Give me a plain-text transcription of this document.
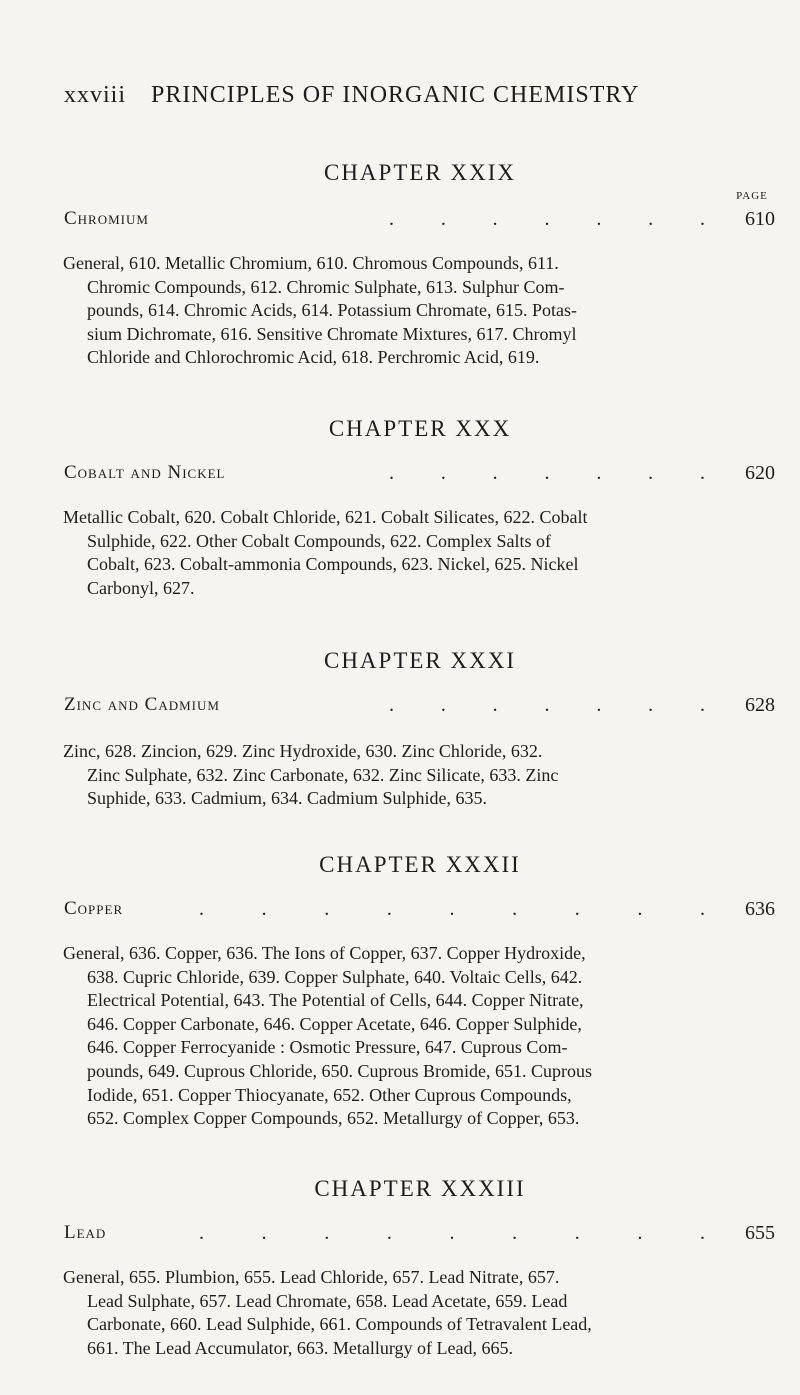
xxviii PRINCIPLES OF INORGANIC CHEMISTRY
PAGE
CHAPTER XXIX
Chromium	. . . . . . . 610
General, 610. Metallic Chromium, 610. Chromous Compounds, 611.
Chromic Compounds, 612. Chromic Sulphate, 613. Sulphur Com-
pounds, 614. Chromic Acids, 614. Potassium Chromate, 615. Potas-
sium Dichromate, 616. Sensitive Chromate Mixtures, 617. Chromyl
Chloride and Chlorochromic Acid, 618. Perchromic Acid, 619.
CHAPTER XXX
Cobalt and Nickel	. . . . . . . 620
Metallic Cobalt, 620. Cobalt Chloride, 621. Cobalt Silicates, 622. Cobalt
Sulphide, 622. Other Cobalt Compounds, 622. Complex Salts of
Cobalt, 623. Cobalt-ammonia Compounds, 623. Nickel, 625. Nickel
Carbonyl, 627.
CHAPTER XXXI
Zinc and Cadmium	. . . . . . . 628
Zinc, 628. Zincion, 629. Zinc Hydroxide, 630. Zinc Chloride, 632.
Zinc Sulphate, 632. Zinc Carbonate, 632. Zinc Silicate, 633. Zinc
Suphide, 633. Cadmium, 634. Cadmium Sulphide, 635.
CHAPTER XXXII
Copper	.	.	.	.	.	.	.	.	. 636
General, 636. Copper, 636. The Ions of Copper, 637. Copper Hydroxide,
638. Cupric Chloride, 639. Copper Sulphate, 640. Voltaic Cells, 642.
Electrical Potential, 643. The Potential of Cells, 644. Copper Nitrate,
646. Copper Carbonate, 646. Copper Acetate, 646. Copper Sulphide,
646. Copper Ferrocyanide : Osmotic Pressure, 647. Cuprous Com-
pounds, 649. Cuprous Chloride, 650. Cuprous Bromide, 651. Cuprous
Iodide, 651. Copper Thiocyanate, 652. Other Cuprous Compounds,
652. Complex Copper Compounds, 652. Metallurgy of Copper, 653.
CHAPTER XXXIII
Lead	.	.	.	.	.	.	.	.	. 655
General, 655. Plumbion, 655. Lead Chloride, 657. Lead Nitrate, 657.
Lead Sulphate, 657. Lead Chromate, 658. Lead Acetate, 659. Lead
Carbonate, 660. Lead Sulphide, 661. Compounds of Tetravalent Lead,
661. The Lead Accumulator, 663. Metallurgy of Lead, 665.
